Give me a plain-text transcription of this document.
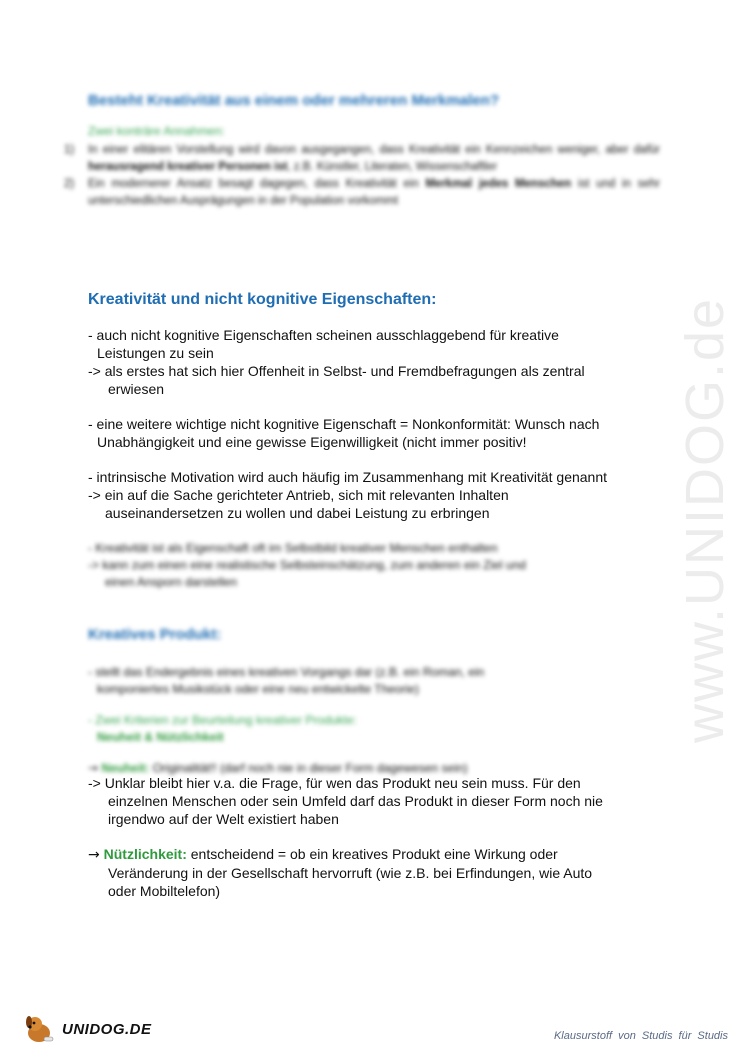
www.UNIDOG.de
Besteht Kreativität aus einem oder mehreren Merkmalen?
Zwei konträre Annahmen:
1) In einer elitären Vorstellung wird davon ausgegangen, dass Kreativität ein Kennzeichen weniger, aber dafür herausragend kreativer Personen ist, z.B. Künstler, Literaten, Wissenschaftler
2) Ein modernerer Ansatz besagt dagegen, dass Kreativität ein Merkmal jedes Menschen ist und in sehr unterschiedlichen Ausprägungen in der Population vorkommt
Kreativität und nicht kognitive Eigenschaften:
- auch nicht kognitive Eigenschaften scheinen ausschlaggebend für kreative
Leistungen zu sein
-> als erstes hat sich hier Offenheit in Selbst- und Fremdbefragungen als zentral
erwiesen
- eine weitere wichtige nicht kognitive Eigenschaft = Nonkonformität: Wunsch nach
Unabhängigkeit und eine gewisse Eigenwilligkeit (nicht immer positiv!
- intrinsische Motivation wird auch häufig im Zusammenhang mit Kreativität genannt
-> ein auf die Sache gerichteter Antrieb, sich mit relevanten Inhalten
auseinandersetzen zu wollen und dabei Leistung zu erbringen
- Kreativität ist als Eigenschaft oft im Selbstbild kreativer Menschen enthalten
-> kann zum einen eine realistische Selbsteinschätzung, zum anderen ein Ziel und
einen Ansporn darstellen
Kreatives Produkt:
- stellt das Endergebnis eines kreativen Vorgangs dar (z.B. ein Roman, ein
komponiertes Musikstück oder eine neu entwickelte Theorie)
- Zwei Kriterien zur Beurteilung kreativer Produkte:
Neuheit & Nützlichkeit
→ Neuheit: Originalität!! (darf noch nie in dieser Form dagewesen sein)
-> Unklar bleibt hier v.a. die Frage, für wen das Produkt neu sein muss. Für den
einzelnen Menschen oder sein Umfeld darf das Produkt in dieser Form noch nie
irgendwo auf der Welt existiert haben
→ Nützlichkeit: entscheidend = ob ein kreatives Produkt eine Wirkung oder
Veränderung in der Gesellschaft hervorruft (wie z.B. bei Erfindungen, wie Auto
oder Mobiltelefon)
UNIDOG.DE	Klausurstoff von Studis für Studis
